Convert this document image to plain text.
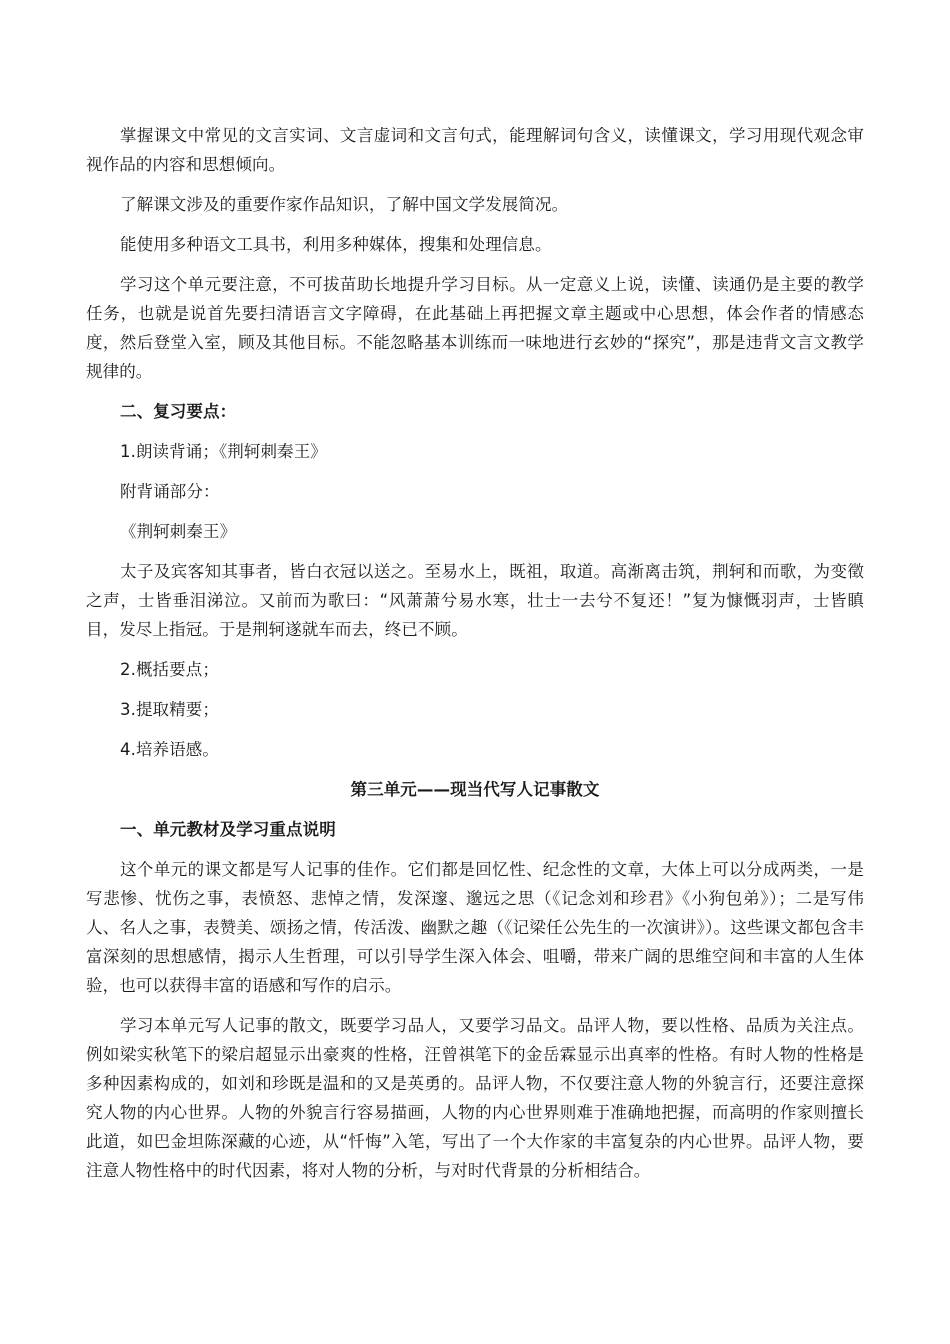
掌握课文中常见的文言实词、文言虚词和文言句式，能理解词句含义，读懂课文，学习用现代观念审视作品的内容和思想倾向。

了解课文涉及的重要作家作品知识，了解中国文学发展简况。

能使用多种语文工具书，利用多种媒体，搜集和处理信息。

学习这个单元要注意，不可拔苗助长地提升学习目标。从一定意义上说，读懂、读通仍是主要的教学任务，也就是说首先要扫清语言文字障碍，在此基础上再把握文章主题或中心思想，体会作者的情感态度，然后登堂入室，顾及其他目标。不能忽略基本训练而一味地进行玄妙的“探究”，那是违背文言文教学规律的。

二、复习要点：

1.朗读背诵；《荆轲刺秦王》

附背诵部分：

《荆轲刺秦王》

太子及宾客知其事者，皆白衣冠以送之。至易水上，既祖，取道。高渐离击筑，荆轲和而歌，为变徵之声，士皆垂泪涕泣。又前而为歌曰：“风萧萧兮易水寒，壮士一去兮不复还！”复为慷慨羽声，士皆瞋目，发尽上指冠。于是荆轲遂就车而去，终已不顾。

2.概括要点；

3.提取精要；

4.培养语感。

第三单元——现当代写人记事散文

一、单元教材及学习重点说明

这个单元的课文都是写人记事的佳作。它们都是回忆性、纪念性的文章，大体上可以分成两类，一是写悲惨、忧伤之事，表愤怒、悲悼之情，发深邃、邈远之思（《记念刘和珍君》《小狗包弟》）；二是写伟人、名人之事，表赞美、颂扬之情，传活泼、幽默之趣（《记梁任公先生的一次演讲》）。这些课文都包含丰富深刻的思想感情，揭示人生哲理，可以引导学生深入体会、咀嚼，带来广阔的思维空间和丰富的人生体验，也可以获得丰富的语感和写作的启示。

学习本单元写人记事的散文，既要学习品人，又要学习品文。品评人物，要以性格、品质为关注点。例如梁实秋笔下的梁启超显示出豪爽的性格，汪曾祺笔下的金岳霖显示出真率的性格。有时人物的性格是多种因素构成的，如刘和珍既是温和的又是英勇的。品评人物，不仅要注意人物的外貌言行，还要注意探究人物的内心世界。人物的外貌言行容易描画，人物的内心世界则难于准确地把握，而高明的作家则擅长此道，如巴金坦陈深藏的心迹，从“忏悔”入笔，写出了一个大作家的丰富复杂的内心世界。品评人物，要注意人物性格中的时代因素，将对人物的分析，与对时代背景的分析相结合。
